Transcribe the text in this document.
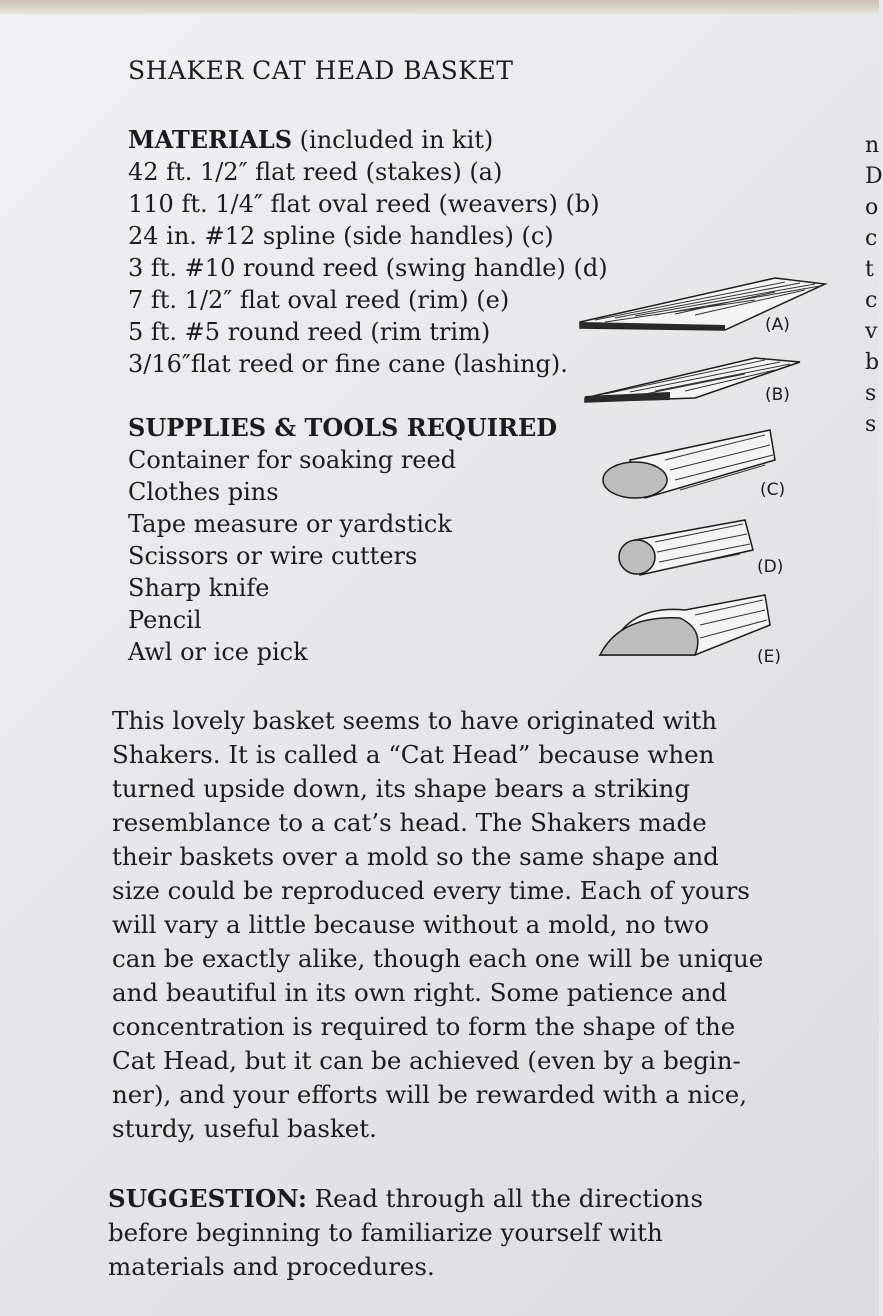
SHAKER CAT HEAD BASKET
MATERIALS (included in kit)
42 ft. 1/2″ flat reed (stakes) (a)
110 ft. 1/4″ flat oval reed (weavers) (b)
24 in. #12 spline (side handles) (c)
3 ft. #10 round reed (swing handle) (d)
7 ft. 1/2″ flat oval reed (rim) (e)
5 ft. #5 round reed (rim trim)
3/16″flat reed or fine cane (lashing).
SUPPLIES & TOOLS REQUIRED
Container for soaking reed
Clothes pins
Tape measure or yardstick
Scissors or wire cutters
Sharp knife
Pencil
Awl or ice pick
(A)
(B)
(C)
(D)
(E)
This lovely basket seems to have originated with
Shakers. It is called a “Cat Head” because when
turned upside down, its shape bears a striking
resemblance to a cat’s head. The Shakers made
their baskets over a mold so the same shape and
size could be reproduced every time. Each of yours
will vary a little because without a mold, no two
can be exactly alike, though each one will be unique
and beautiful in its own right. Some patience and
concentration is required to form the shape of the
Cat Head, but it can be achieved (even by a begin-
ner), and your efforts will be rewarded with a nice,
sturdy, useful basket.
SUGGESTION: Read through all the directions
before beginning to familiarize yourself with
materials and procedures.
n
D
o
c
t
c
v
b
s
s
